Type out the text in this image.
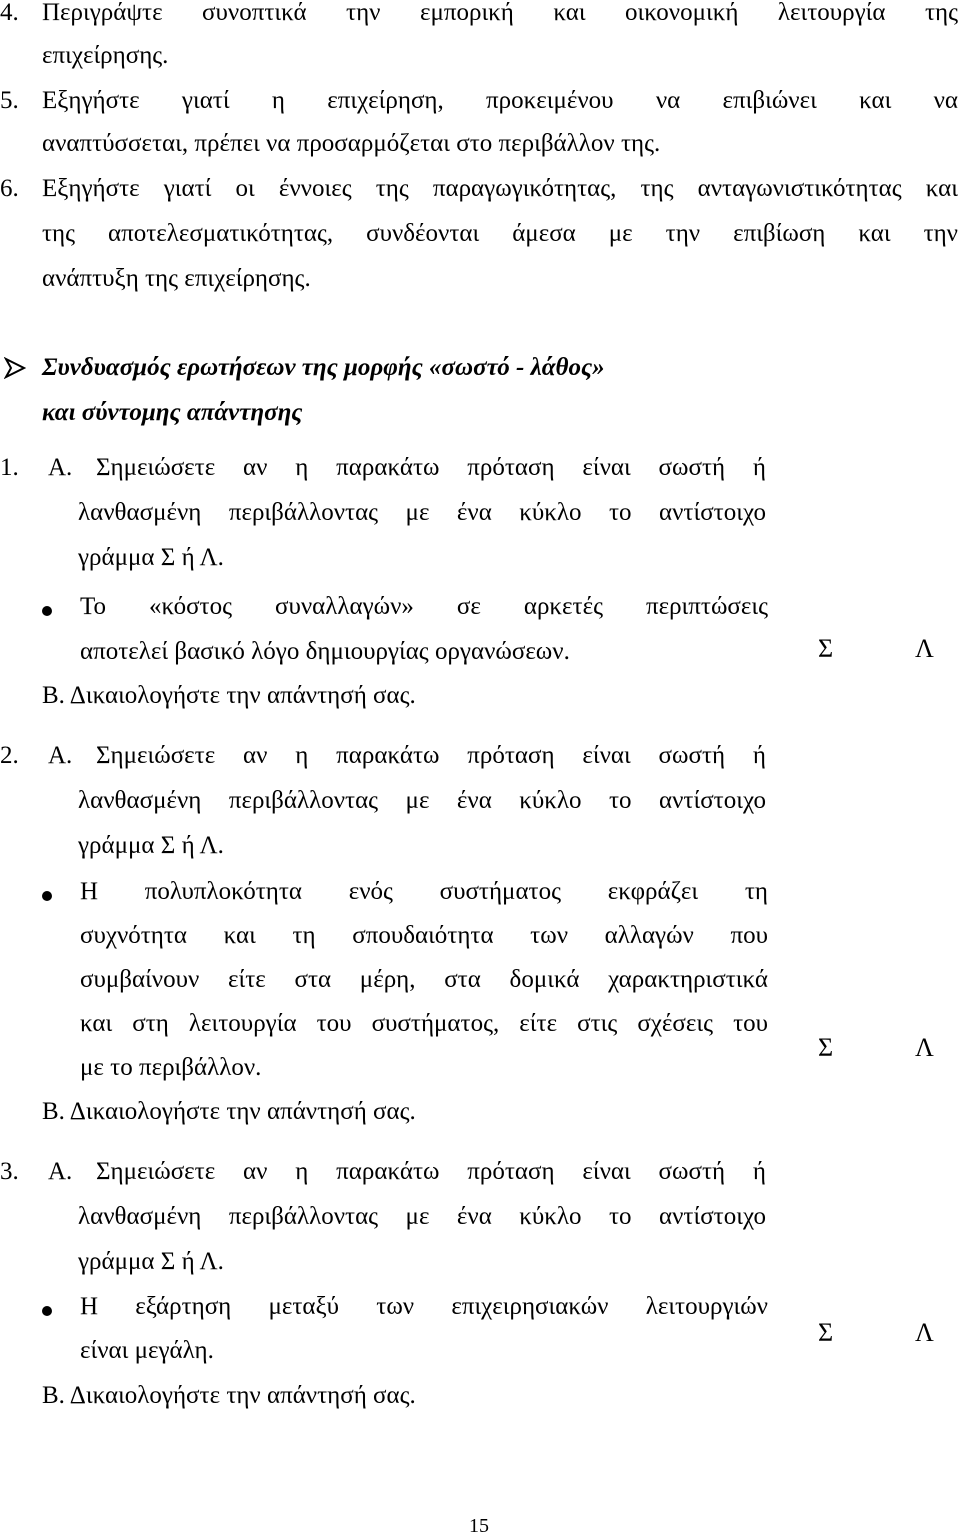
4. Περιγράψτε συνοπτικά την εμπορική και οικονομική λειτουργία της
επιχείρησης.
5. Εξηγήστε γιατί η επιχείρηση, προκειμένου να επιβιώνει και να
αναπτύσσεται, πρέπει να προσαρμόζεται στο περιβάλλον της.
6. Εξηγήστε γιατί οι έννοιες της παραγωγικότητας, της ανταγωνιστικότητας και
της αποτελεσματικότητας, συνδέονται άμεσα με την επιβίωση και την
ανάπτυξη της επιχείρησης.
Συνδυασμός ερωτήσεων της μορφής «σωστό - λάθος»
και σύντομης απάντησης
1. Α. Σημειώσετε αν η παρακάτω πρόταση είναι σωστή ή
λανθασμένη περιβάλλοντας με ένα κύκλο το αντίστοιχο
γράμμα Σ ή Λ.
Το «κόστος συναλλαγών» σε αρκετές περιπτώσεις
αποτελεί βασικό λόγο δημιουργίας οργανώσεων.	Σ	Λ
Β. Δικαιολογήστε την απάντησή σας.
2. Α. Σημειώσετε αν η παρακάτω πρόταση είναι σωστή ή
λανθασμένη περιβάλλοντας με ένα κύκλο το αντίστοιχο
γράμμα Σ ή Λ.
Η πολυπλοκότητα ενός συστήματος εκφράζει τη
συχνότητα και τη σπουδαιότητα των αλλαγών που
συμβαίνουν είτε στα μέρη, στα δομικά χαρακτηριστικά
και στη λειτουργία του συστήματος, είτε στις σχέσεις του
με το περιβάλλον.
Σ	Λ
Β. Δικαιολογήστε την απάντησή σας.
3. Α. Σημειώσετε αν η παρακάτω πρόταση είναι σωστή ή
λανθασμένη περιβάλλοντας με ένα κύκλο το αντίστοιχο
γράμμα Σ ή Λ.
Η εξάρτηση μεταξύ των επιχειρησιακών λειτουργιών
είναι μεγάλη.
Σ	Λ
Β. Δικαιολογήστε την απάντησή σας.
15
